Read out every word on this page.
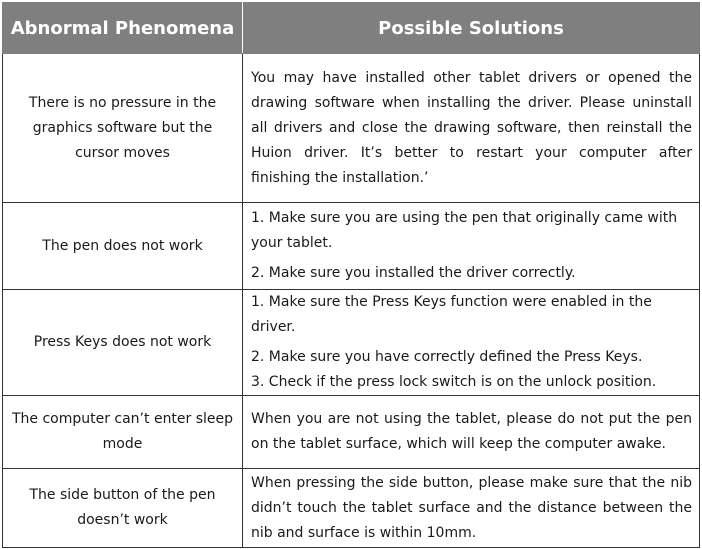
Abnormal Phenomena	Possible Solutions
There is no pressure in the graphics software but the cursor moves	You may have installed other tablet drivers or opened the drawing software when installing the driver. Please uninstall all drivers and close the drawing software, then reinstall the Huion driver. It’s better to restart your computer after finishing the installation.’

The pen does not work	1. Make sure you are using the pen that originally came with your tablet.
2. Make sure you installed the driver correctly.

Press Keys does not work	1. Make sure the Press Keys function were enabled in the driver.
2. Make sure you have correctly defined the Press Keys.
3. Check if the press lock switch is on the unlock position.

The computer can’t enter sleep mode	When you are not using the tablet, please do not put the pen on the tablet surface, which will keep the computer awake.

The side button of the pen doesn’t work	When pressing the side button, please make sure that the nib didn’t touch the tablet surface and the distance between the nib and surface is within 10mm.
